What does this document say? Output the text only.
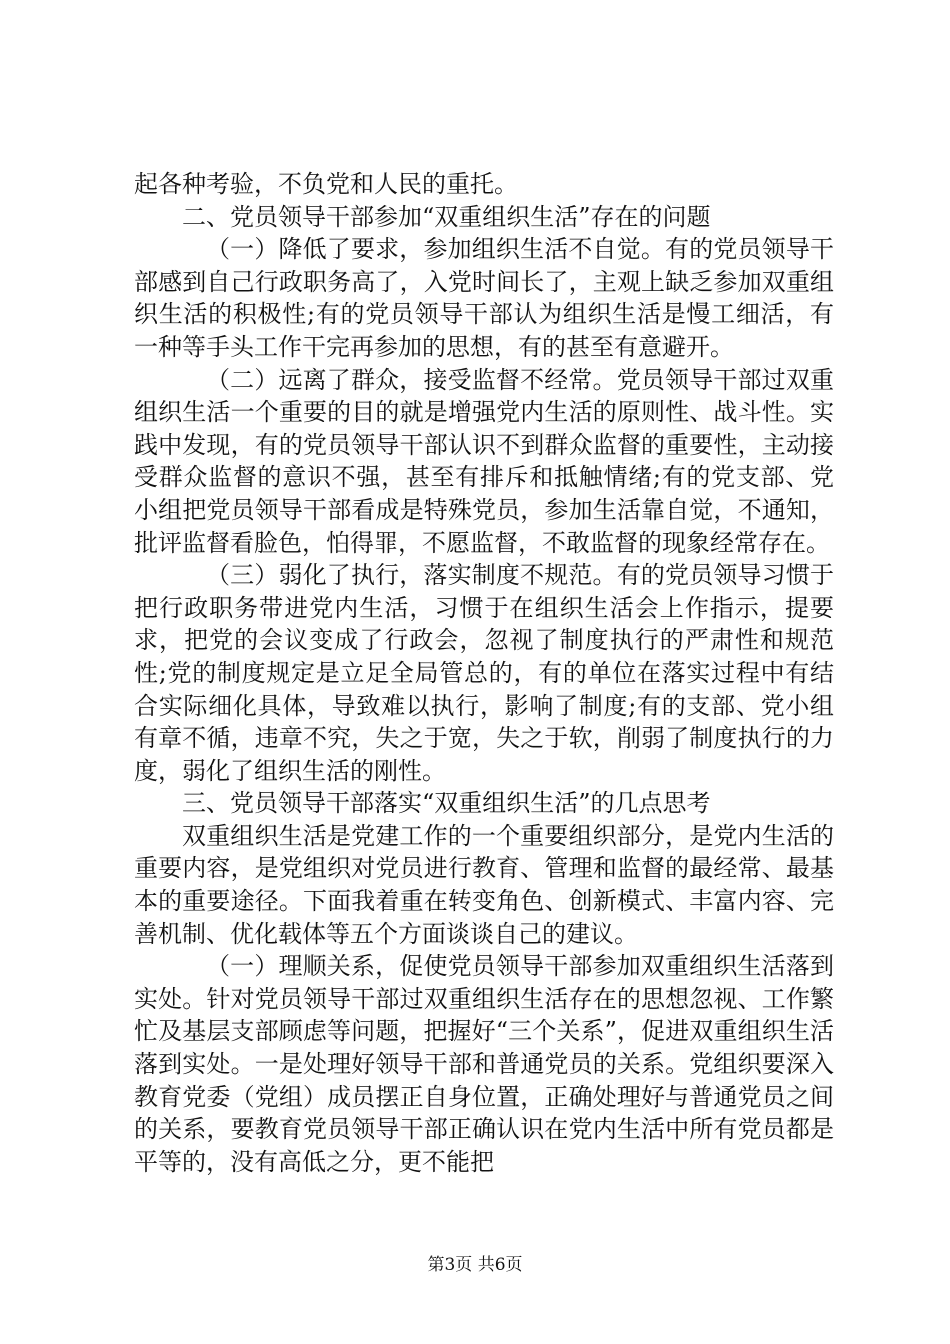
起各种考验，不负党和人民的重托。

二、党员领导干部参加“双重组织生活”存在的问题

（一）降低了要求，参加组织生活不自觉。有的党员领导干部感到自己行政职务高了，入党时间长了，主观上缺乏参加双重组织生活的积极性;有的党员领导干部认为组织生活是慢工细活，有一种等手头工作干完再参加的思想，有的甚至有意避开。

（二）远离了群众，接受监督不经常。党员领导干部过双重组织生活一个重要的目的就是增强党内生活的原则性、战斗性。实践中发现，有的党员领导干部认识不到群众监督的重要性，主动接受群众监督的意识不强，甚至有排斥和抵触情绪;有的党支部、党小组把党员领导干部看成是特殊党员，参加生活靠自觉，不通知，批评监督看脸色，怕得罪，不愿监督，不敢监督的现象经常存在。

（三）弱化了执行，落实制度不规范。有的党员领导习惯于把行政职务带进党内生活，习惯于在组织生活会上作指示，提要求，把党的会议变成了行政会，忽视了制度执行的严肃性和规范性;党的制度规定是立足全局管总的，有的单位在落实过程中有结合实际细化具体，导致难以执行，影响了制度;有的支部、党小组有章不循，违章不究，失之于宽，失之于软，削弱了制度执行的力度，弱化了组织生活的刚性。

三、党员领导干部落实“双重组织生活”的几点思考

双重组织生活是党建工作的一个重要组织部分，是党内生活的重要内容，是党组织对党员进行教育、管理和监督的最经常、最基本的重要途径。下面我着重在转变角色、创新模式、丰富内容、完善机制、优化载体等五个方面谈谈自己的建议。

（一）理顺关系，促使党员领导干部参加双重组织生活落到实处。针对党员领导干部过双重组织生活存在的思想忽视、工作繁忙及基层支部顾虑等问题，把握好“三个关系”，促进双重组织生活落到实处。一是处理好领导干部和普通党员的关系。党组织要深入教育党委（党组）成员摆正自身位置，正确处理好与普通党员之间的关系，要教育党员领导干部正确认识在党内生活中所有党员都是平等的，没有高低之分，更不能把

第3页 共6页
